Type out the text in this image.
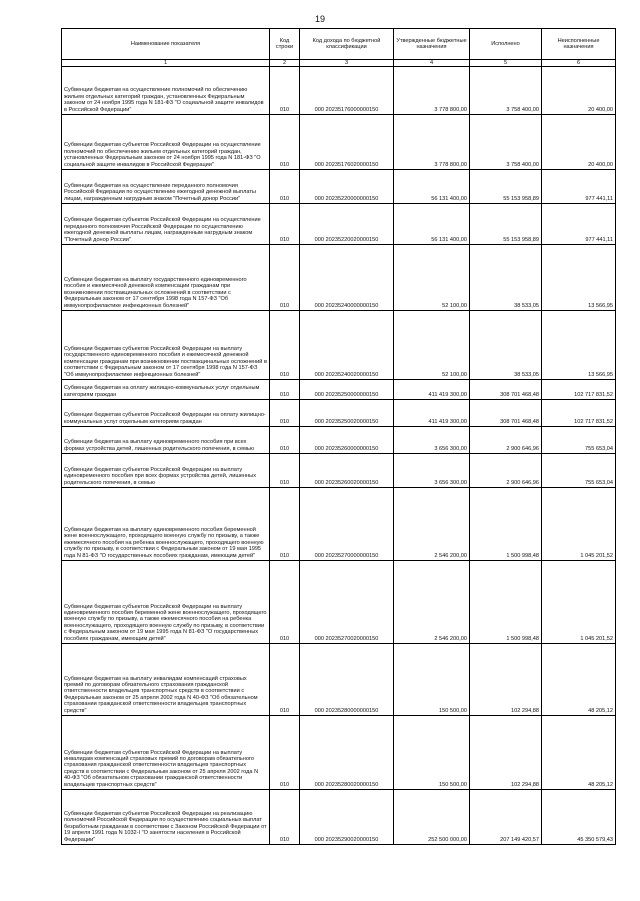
19
Наименование показателя	Код строки	Код дохода по бюджетной классификации	Утвержденные бюджетные назначения	Исполнено	Неисполненные назначения
1	2	3	4	5	6
Субвенции бюджетам на осуществление полномочий по обеспечению жильем отдельных категорий граждан, установленных Федеральным законом от 24 ноября 1995 года N 181-ФЗ "О социальной защите инвалидов в Российской Федерации"	010	000 20235176000000150	3 778 800,00	3 758 400,00	20 400,00
Субвенции бюджетам субъектов Российской Федерации на осуществление полномочий по обеспечению жильем отдельных категорий граждан, установленных Федеральным законом от 24 ноября 1995 года N 181-ФЗ "О социальной защите инвалидов в Российской Федерации"	010	000 20235176020000150	3 778 800,00	3 758 400,00	20 400,00
Субвенции бюджетам на осуществление переданного полномочия Российской Федерации по осуществлению ежегодной денежной выплаты лицам, награжденным нагрудным знаком "Почетный донор России"	010	000 20235220000000150	56 131 400,00	55 153 958,89	977 441,11
Субвенции бюджетам субъектов Российской Федерации на осуществление переданного полномочия Российской Федерации по осуществлению ежегодной денежной выплаты лицам, награжденным нагрудным знаком "Почетный донор России"	010	000 20235220020000150	56 131 400,00	55 153 958,89	977 441,11
Субвенции бюджетам на выплату государственного единовременного пособия и ежемесячной денежной компенсации гражданам при возникновении поствакцинальных осложнений в соответствии с Федеральным законом от 17 сентября 1998 года N 157-ФЗ "Об иммунопрофилактике инфекционных болезней"	010	000 20235240000000150	52 100,00	38 533,05	13 566,95
Субвенции бюджетам субъектов Российской Федерации на выплату государственного единовременного пособия и ежемесячной денежной компенсации гражданам при возникновении поствакцинальных осложнений в соответствии с Федеральным законом от 17 сентября 1998 года N 157-ФЗ "Об иммунопрофилактике инфекционных болезней"	010	000 20235240020000150	52 100,00	38 533,05	13 566,95
Субвенции бюджетам на оплату жилищно-коммунальных услуг отдельным категориям граждан	010	000 20235250000000150	411 419 300,00	308 701 468,48	102 717 831,52
Субвенции бюджетам субъектов Российской Федерации на оплату жилищно-коммунальных услуг отдельным категориям граждан	010	000 20235250020000150	411 419 300,00	308 701 468,48	102 717 831,52
Субвенции бюджетам на выплату единовременного пособия при всех формах устройства детей, лишенных родительского попечения, в семью	010	000 20235260000000150	3 656 300,00	2 900 646,96	755 653,04
Субвенции бюджетам субъектов Российской Федерации на выплату единовременного пособия при всех формах устройства детей, лишенных родительского попечения, в семью	010	000 20235260020000150	3 656 300,00	2 900 646,96	755 653,04
Субвенции бюджетам на выплату единовременного пособия беременной жене военнослужащего, проходящего военную службу по призыву, а также ежемесячного пособия на ребенка военнослужащего, проходящего военную службу по призыву, в соответствии с Федеральным законом от 19 мая 1995 года N 81-ФЗ "О государственных пособиях гражданам, имеющим детей"	010	000 20235270000000150	2 546 200,00	1 500 998,48	1 045 201,52
Субвенции бюджетам субъектов Российской Федерации на выплату единовременного пособия беременной жене военнослужащего, проходящего военную службу по призыву, а также ежемесячного пособия на ребенка военнослужащего, проходящего военную службу по призыву, в соответствии с Федеральным законом от 19 мая 1995 года N 81-ФЗ "О государственных пособиях гражданам, имеющим детей"	010	000 20235270020000150	2 546 200,00	1 500 998,48	1 045 201,52
Субвенции бюджетам на выплату инвалидам компенсаций страховых премий по договорам обязательного страхования гражданской ответственности владельцев транспортных средств в соответствии с Федеральным законом от 25 апреля 2002 года N 40-ФЗ "Об обязательном страховании гражданской ответственности владельцев транспортных средств"	010	000 20235280000000150	150 500,00	102 294,88	48 205,12
Субвенции бюджетам субъектов Российской Федерации на выплату инвалидам компенсаций страховых премий по договорам обязательного страхования гражданской ответственности владельцев транспортных средств в соответствии с Федеральным законом от 25 апреля 2002 года N 40-ФЗ "Об обязательном страховании гражданской ответственности владельцев транспортных средств"	010	000 20235280020000150	150 500,00	102 294,88	48 205,12
Субвенции бюджетам субъектов Российской Федерации на реализацию полномочий Российской Федерации по осуществлению социальных выплат безработным гражданам в соответствии с Законом Российской Федерации от 19 апреля 1991 года N 1032-I "О занятости населения в Российской Федерации"	010	000 20235290020000150	252 500 000,00	207 149 420,57	45 350 579,43
